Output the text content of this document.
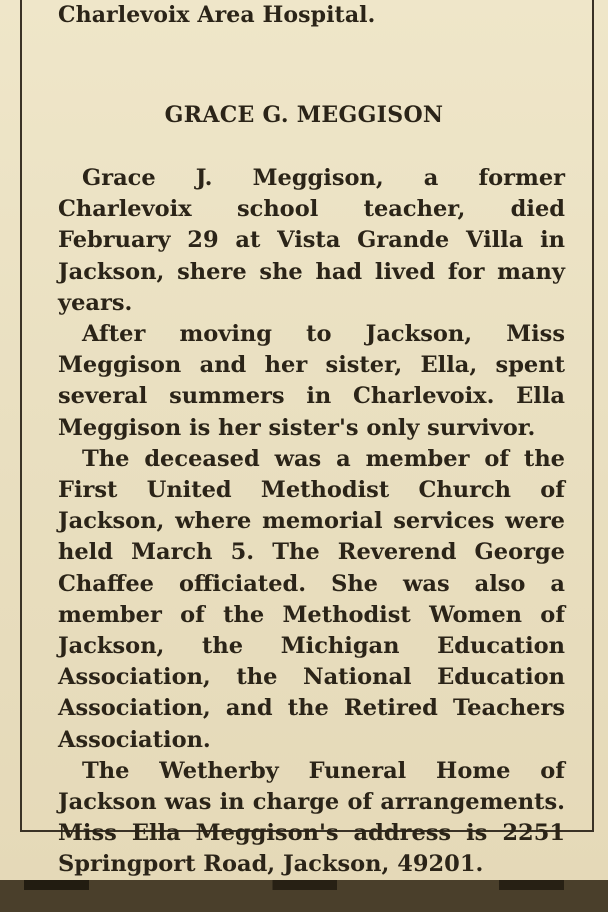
Charlevoix Area Hospital.
GRACE G. MEGGISON

Grace J. Meggison, a former Charlevoix school teacher, died February 29 at Vista Grande Villa in Jackson, shere she had lived for many years.

After moving to Jackson, Miss Meggison and her sister, Ella, spent several summers in Charlevoix. Ella Meggison is her sister's only survivor.

The deceased was a member of the First United Methodist Church of Jackson, where memorial services were held March 5. The Reverend George Chaffee officiated. She was also a member of the Methodist Women of Jackson, the Michigan Education Association, the National Education Association, and the Retired Teachers Association.

The Wetherby Funeral Home of Jackson was in charge of arrangements. Miss Ella Meggison's address is 2251 Springport Road, Jackson, 49201.
